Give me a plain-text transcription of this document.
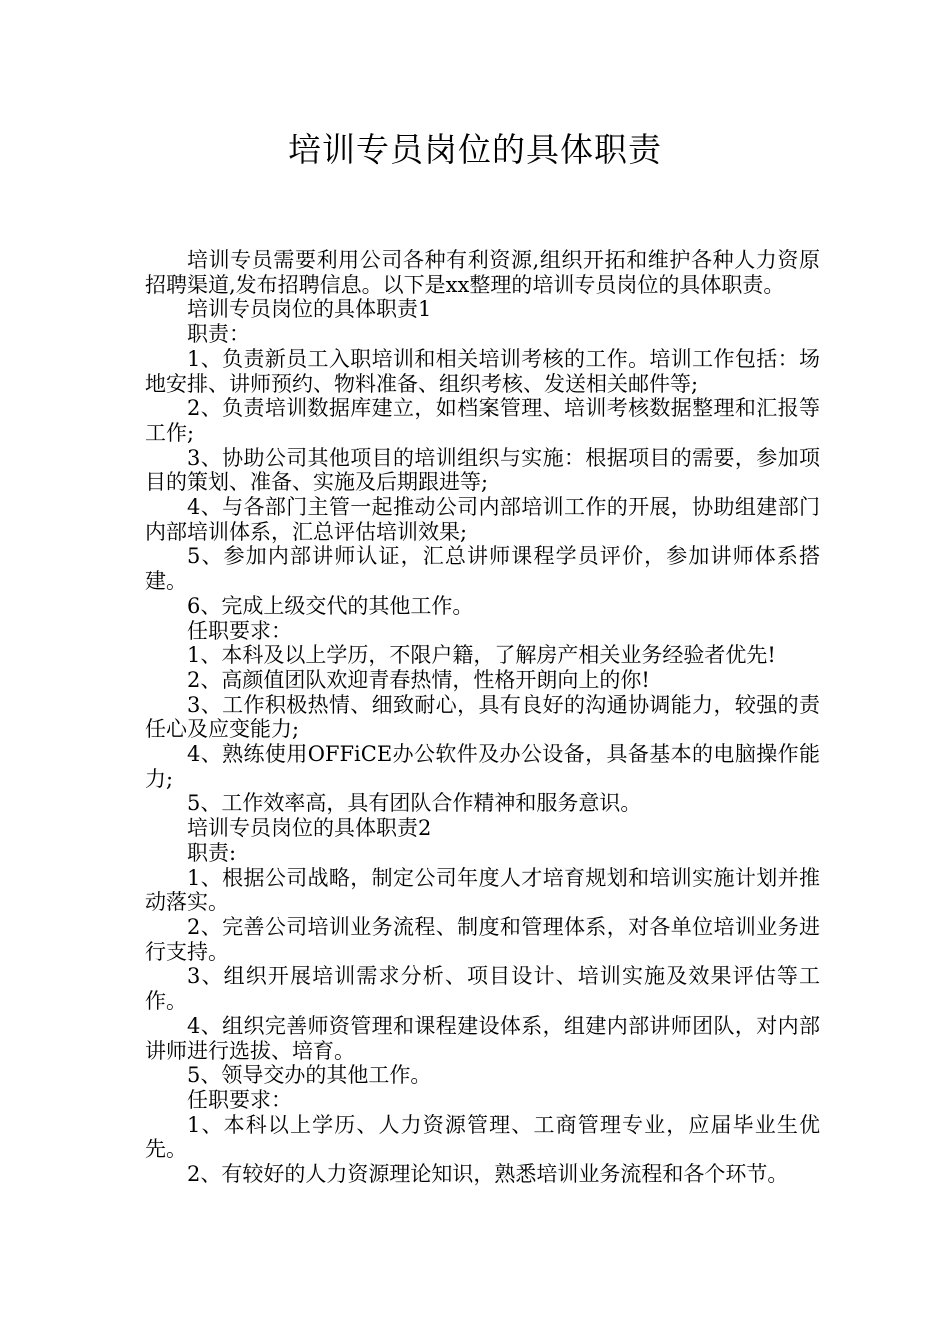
培训专员岗位的具体职责

培训专员需要利用公司各种有利资源,组织开拓和维护各种人力资原招聘渠道,发布招聘信息。以下是xx整理的培训专员岗位的具体职责。

培训专员岗位的具体职责1

职责：

1、负责新员工入职培训和相关培训考核的工作。培训工作包括：场地安排、讲师预约、物料准备、组织考核、发送相关邮件等;

2、负责培训数据库建立，如档案管理、培训考核数据整理和汇报等工作;

3、协助公司其他项目的培训组织与实施：根据项目的需要，参加项目的策划、准备、实施及后期跟进等;

4、与各部门主管一起推动公司内部培训工作的开展，协助组建部门内部培训体系，汇总评估培训效果;

5、参加内部讲师认证，汇总讲师课程学员评价，参加讲师体系搭建。

6、完成上级交代的其他工作。

任职要求：

1、本科及以上学历，不限户籍，了解房产相关业务经验者优先!

2、高颜值团队欢迎青春热情，性格开朗向上的你!

3、工作积极热情、细致耐心，具有良好的沟通协调能力，较强的责任心及应变能力;

4、熟练使用OFFiCE办公软件及办公设备，具备基本的电脑操作能力;

5、工作效率高，具有团队合作精神和服务意识。

培训专员岗位的具体职责2

职责:

1、根据公司战略，制定公司年度人才培育规划和培训实施计划并推动落实。

2、完善公司培训业务流程、制度和管理体系，对各单位培训业务进行支持。

3、组织开展培训需求分析、项目设计、培训实施及效果评估等工作。

4、组织完善师资管理和课程建设体系，组建内部讲师团队，对内部讲师进行选拔、培育。

5、领导交办的其他工作。

任职要求：

1、本科以上学历、人力资源管理、工商管理专业，应届毕业生优先。

2、有较好的人力资源理论知识，熟悉培训业务流程和各个环节。
